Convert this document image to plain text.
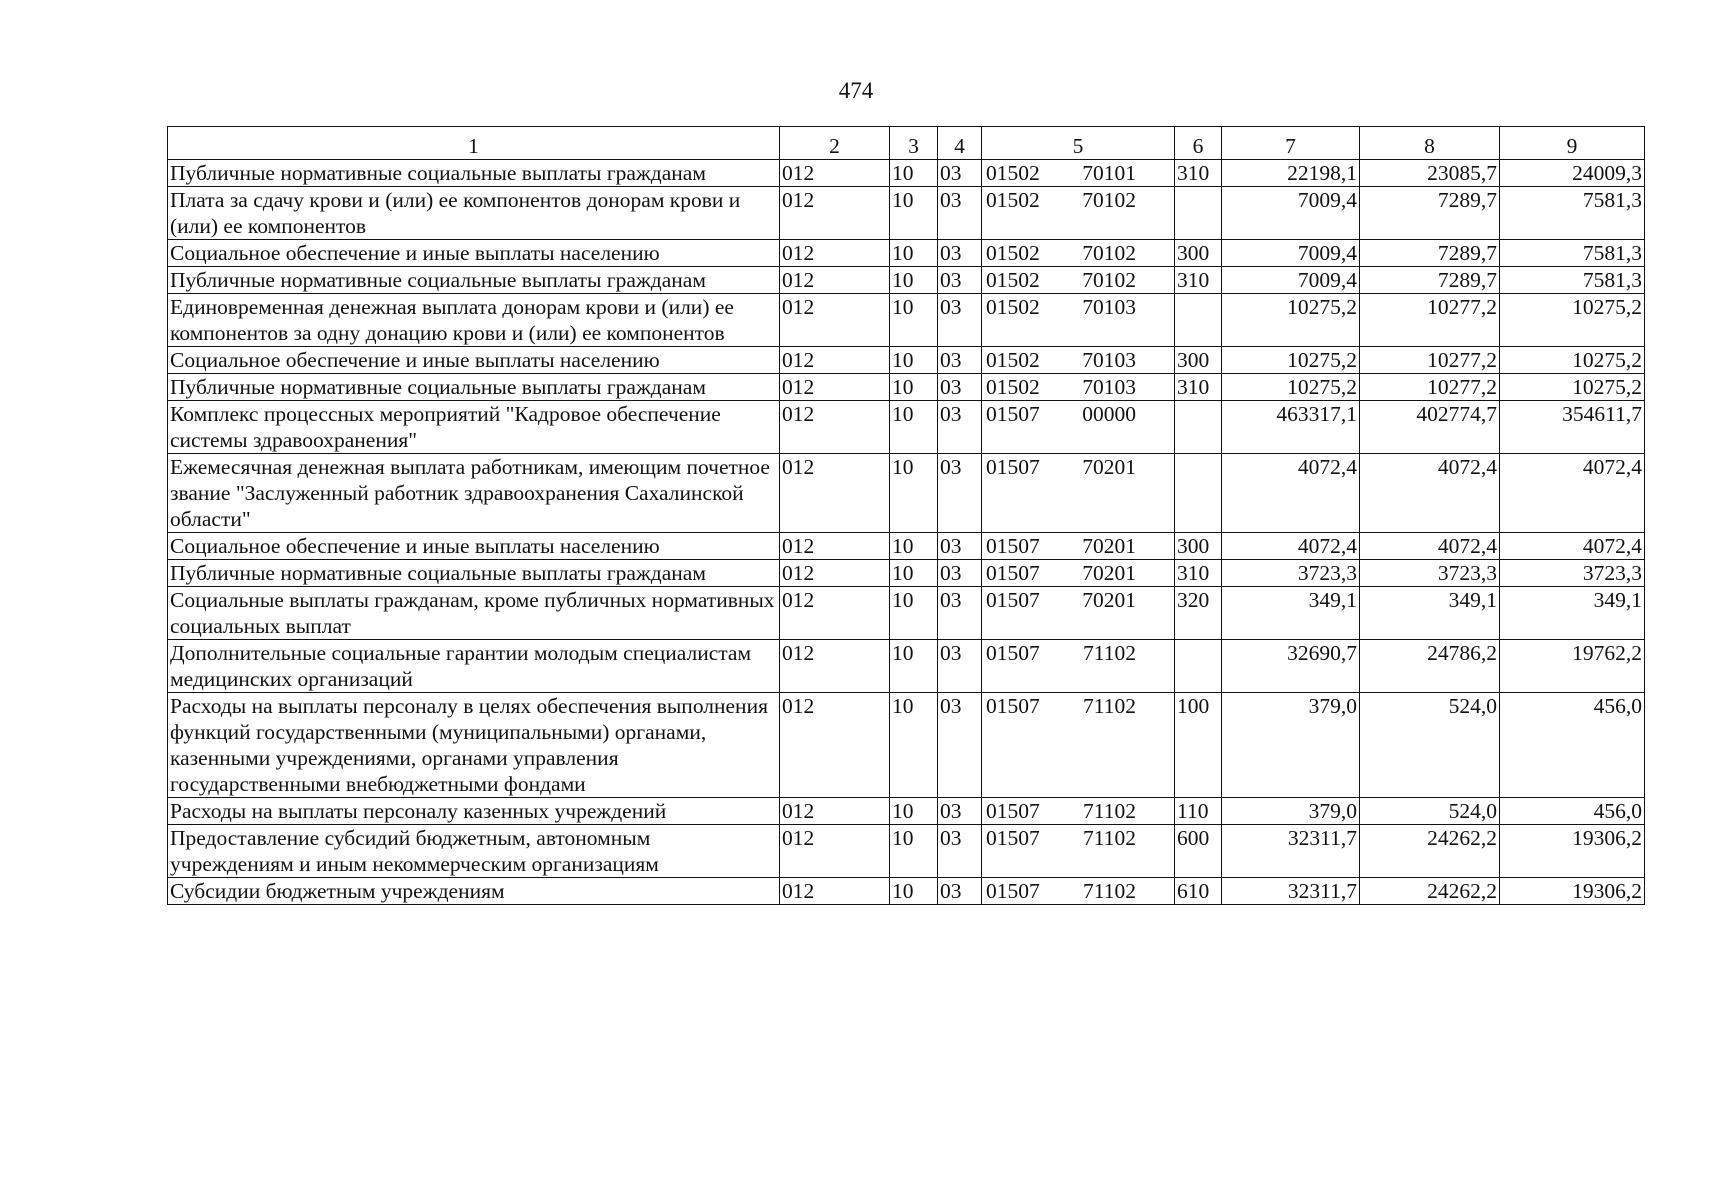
474
1	2	3	4	5	6	7	8	9
Публичные нормативные социальные выплаты гражданам	012	10	03	01502 70101	310	22198,1	23085,7	24009,3
Плата за сдачу крови и (или) ее компонентов донорам крови и (или) ее компонентов	012	10	03	01502 70102		7009,4	7289,7	7581,3
Социальное обеспечение и иные выплаты населению	012	10	03	01502 70102	300	7009,4	7289,7	7581,3
Публичные нормативные социальные выплаты гражданам	012	10	03	01502 70102	310	7009,4	7289,7	7581,3
Единовременная денежная выплата донорам крови и (или) ее компонентов за одну донацию крови и (или) ее компонентов	012	10	03	01502 70103		10275,2	10277,2	10275,2
Социальное обеспечение и иные выплаты населению	012	10	03	01502 70103	300	10275,2	10277,2	10275,2
Публичные нормативные социальные выплаты гражданам	012	10	03	01502 70103	310	10275,2	10277,2	10275,2
Комплекс процессных мероприятий "Кадровое обеспечение системы здравоохранения"	012	10	03	01507 00000		463317,1	402774,7	354611,7
Ежемесячная денежная выплата работникам, имеющим почетное звание "Заслуженный работник здравоохранения Сахалинской области"	012	10	03	01507 70201		4072,4	4072,4	4072,4
Социальное обеспечение и иные выплаты населению	012	10	03	01507 70201	300	4072,4	4072,4	4072,4
Публичные нормативные социальные выплаты гражданам	012	10	03	01507 70201	310	3723,3	3723,3	3723,3
Социальные выплаты гражданам, кроме публичных нормативных социальных выплат	012	10	03	01507 70201	320	349,1	349,1	349,1
Дополнительные социальные гарантии молодым специалистам медицинских организаций	012	10	03	01507 71102		32690,7	24786,2	19762,2
Расходы на выплаты персоналу в целях обеспечения выполнения функций государственными (муниципальными) органами, казенными учреждениями, органами управления государственными внебюджетными фондами	012	10	03	01507 71102	100	379,0	524,0	456,0
Расходы на выплаты персоналу казенных учреждений	012	10	03	01507 71102	110	379,0	524,0	456,0
Предоставление субсидий бюджетным, автономным учреждениям и иным некоммерческим организациям	012	10	03	01507 71102	600	32311,7	24262,2	19306,2
Субсидии бюджетным учреждениям	012	10	03	01507 71102	610	32311,7	24262,2	19306,2
